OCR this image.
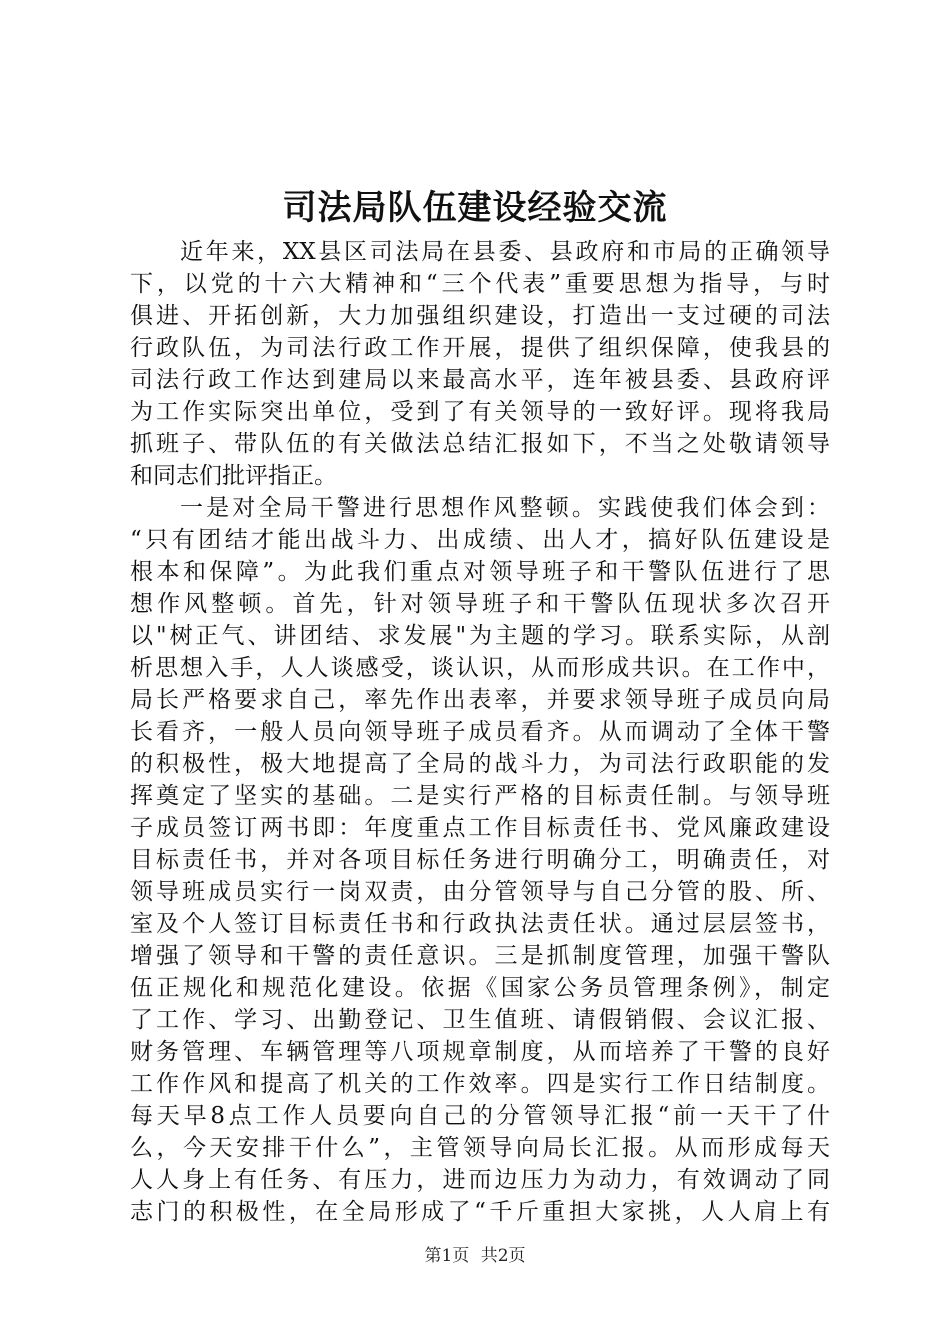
司法局队伍建设经验交流
近年来，XX县区司法局在县委、县政府和市局的正确领导
下，以党的十六大精神和“三个代表”重要思想为指导，与时
俱进、开拓创新，大力加强组织建设，打造出一支过硬的司法
行政队伍，为司法行政工作开展，提供了组织保障，使我县的
司法行政工作达到建局以来最高水平，连年被县委、县政府评
为工作实际突出单位，受到了有关领导的一致好评。现将我局
抓班子、带队伍的有关做法总结汇报如下，不当之处敬请领导
和同志们批评指正。
一是对全局干警进行思想作风整顿。实践使我们体会到：
“只有团结才能出战斗力、出成绩、出人才，搞好队伍建设是
根本和保障”。为此我们重点对领导班子和干警队伍进行了思
想作风整顿。首先，针对领导班子和干警队伍现状多次召开
以"树正气、讲团结、求发展"为主题的学习。联系实际，从剖
析思想入手，人人谈感受，谈认识，从而形成共识。在工作中，
局长严格要求自己，率先作出表率，并要求领导班子成员向局
长看齐，一般人员向领导班子成员看齐。从而调动了全体干警
的积极性，极大地提高了全局的战斗力，为司法行政职能的发
挥奠定了坚实的基础。二是实行严格的目标责任制。与领导班
子成员签订两书即：年度重点工作目标责任书、党风廉政建设
目标责任书，并对各项目标任务进行明确分工，明确责任，对
领导班成员实行一岗双责，由分管领导与自己分管的股、所、
室及个人签订目标责任书和行政执法责任状。通过层层签书，
增强了领导和干警的责任意识。三是抓制度管理，加强干警队
伍正规化和规范化建设。依据《国家公务员管理条例》，制定
了工作、学习、出勤登记、卫生值班、请假销假、会议汇报、
财务管理、车辆管理等八项规章制度，从而培养了干警的良好
工作作风和提高了机关的工作效率。四是实行工作日结制度。
每天早8点工作人员要向自己的分管领导汇报“前一天干了什
么，今天安排干什么”，主管领导向局长汇报。从而形成每天
人人身上有任务、有压力，进而边压力为动力，有效调动了同
志门的积极性，在全局形成了“千斤重担大家挑，人人肩上有
第1页 共2页
